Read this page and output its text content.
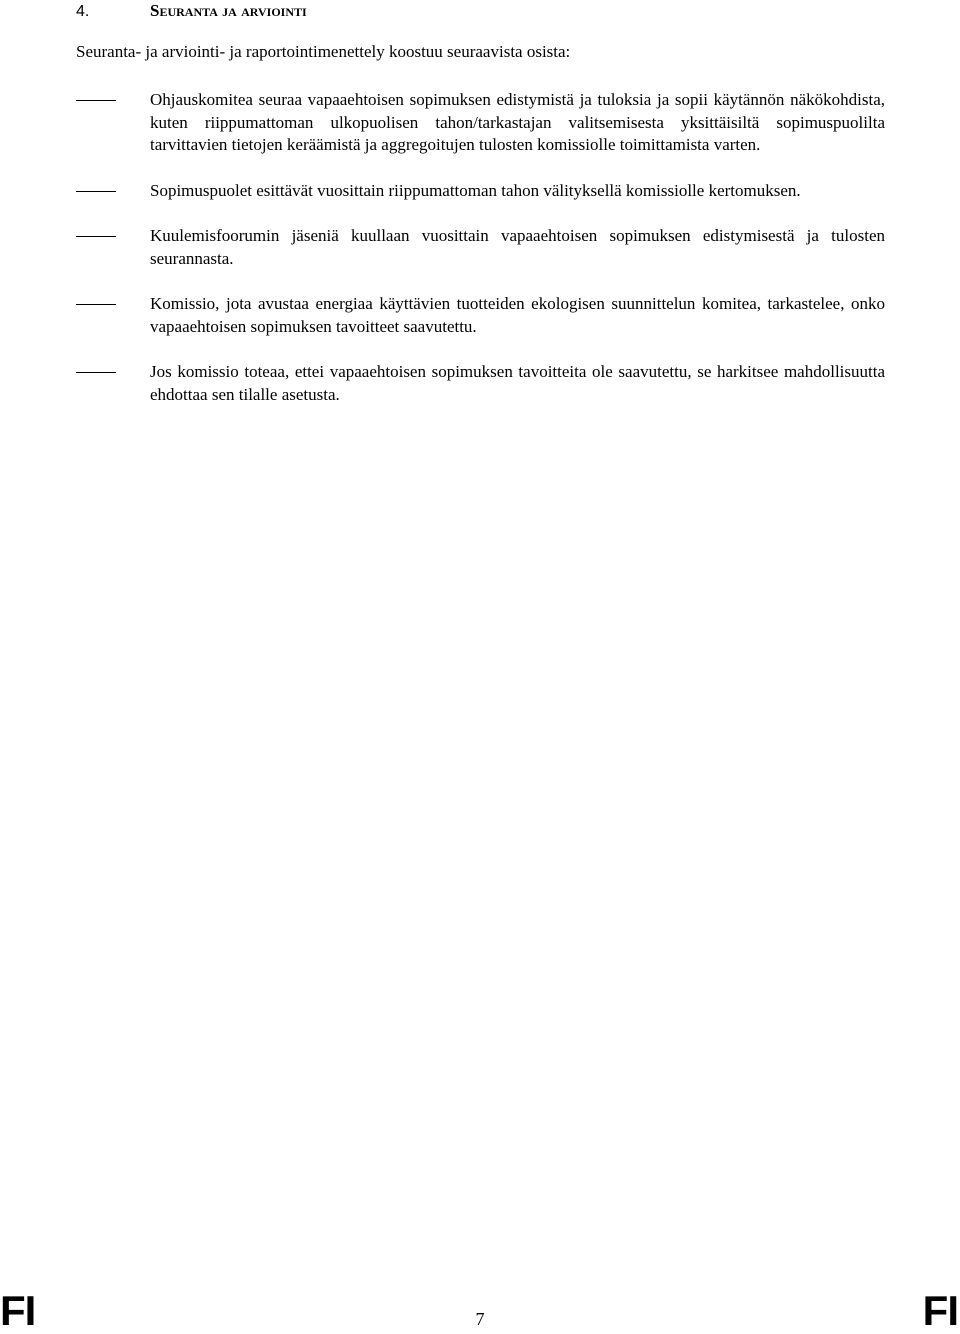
4.	Seuranta ja arviointi
Seuranta- ja arviointi- ja raportointimenettely koostuu seuraavista osista:
Ohjauskomitea seuraa vapaaehtoisen sopimuksen edistymistä ja tuloksia ja sopii käytännön näkökohdista, kuten riippumattoman ulkopuolisen tahon/tarkastajan valitsemisesta yksittäisiltä sopimuspuolilta tarvittavien tietojen keräämistä ja aggregoitujen tulosten komissiolle toimittamista varten.
Sopimuspuolet esittävät vuosittain riippumattoman tahon välityksellä komissiolle kertomuksen.
Kuulemisfoorumin jäseniä kuullaan vuosittain vapaaehtoisen sopimuksen edistymisestä ja tulosten seurannasta.
Komissio, jota avustaa energiaa käyttävien tuotteiden ekologisen suunnittelun komitea, tarkastelee, onko vapaaehtoisen sopimuksen tavoitteet saavutettu.
Jos komissio toteaa, ettei vapaaehtoisen sopimuksen tavoitteita ole saavutettu, se harkitsee mahdollisuutta ehdottaa sen tilalle asetusta.
FI	7	FI
